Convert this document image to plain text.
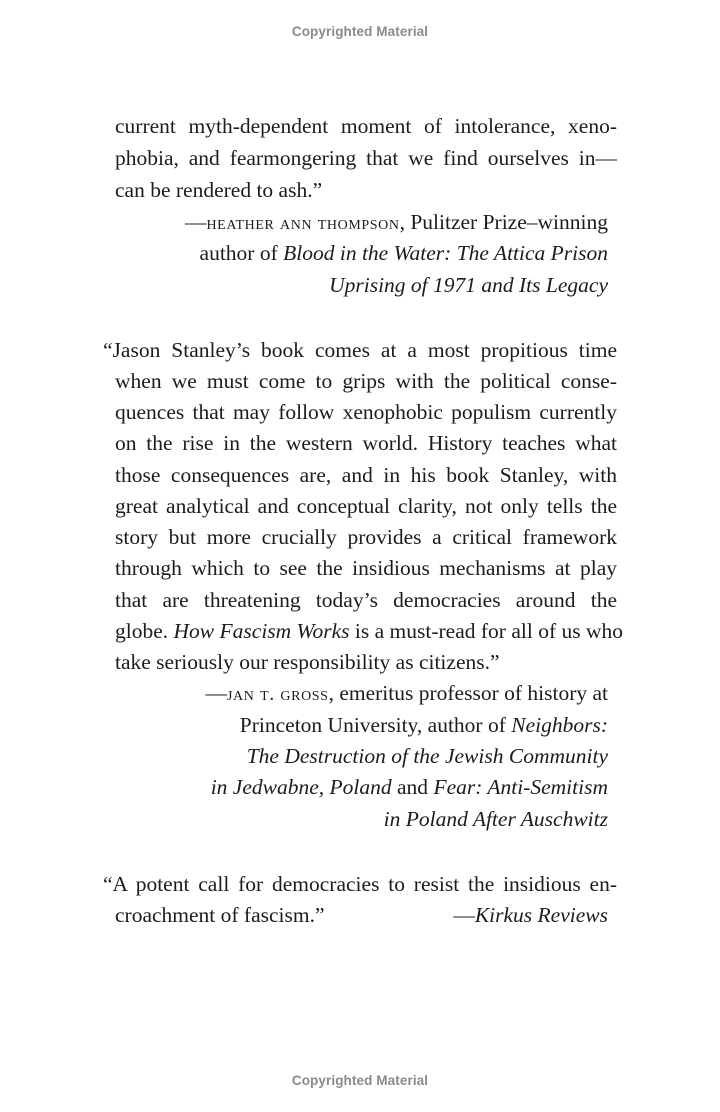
Copyrighted Material
current myth-dependent moment of intolerance, xeno-
phobia, and fearmongering that we find ourselves in—
can be rendered to ash.”
—heather ann thompson, Pulitzer Prize–winning
author of Blood in the Water: The Attica Prison
Uprising of 1971 and Its Legacy
“Jason Stanley’s book comes at a most propitious time
when we must come to grips with the political conse-
quences that may follow xenophobic populism currently
on the rise in the western world. History teaches what
those consequences are, and in his book Stanley, with
great analytical and conceptual clarity, not only tells the
story but more crucially provides a critical framework
through which to see the insidious mechanisms at play
that are threatening today’s democracies around the
globe. How Fascism Works is a must-read for all of us who
take seriously our responsibility as citizens.”
—jan t. gross, emeritus professor of history at
Princeton University, author of Neighbors:
The Destruction of the Jewish Community
in Jedwabne, Poland and Fear: Anti-Semitism
in Poland After Auschwitz
“A potent call for democracies to resist the insidious en-
croachment of fascism.”	—Kirkus Reviews
Copyrighted Material
